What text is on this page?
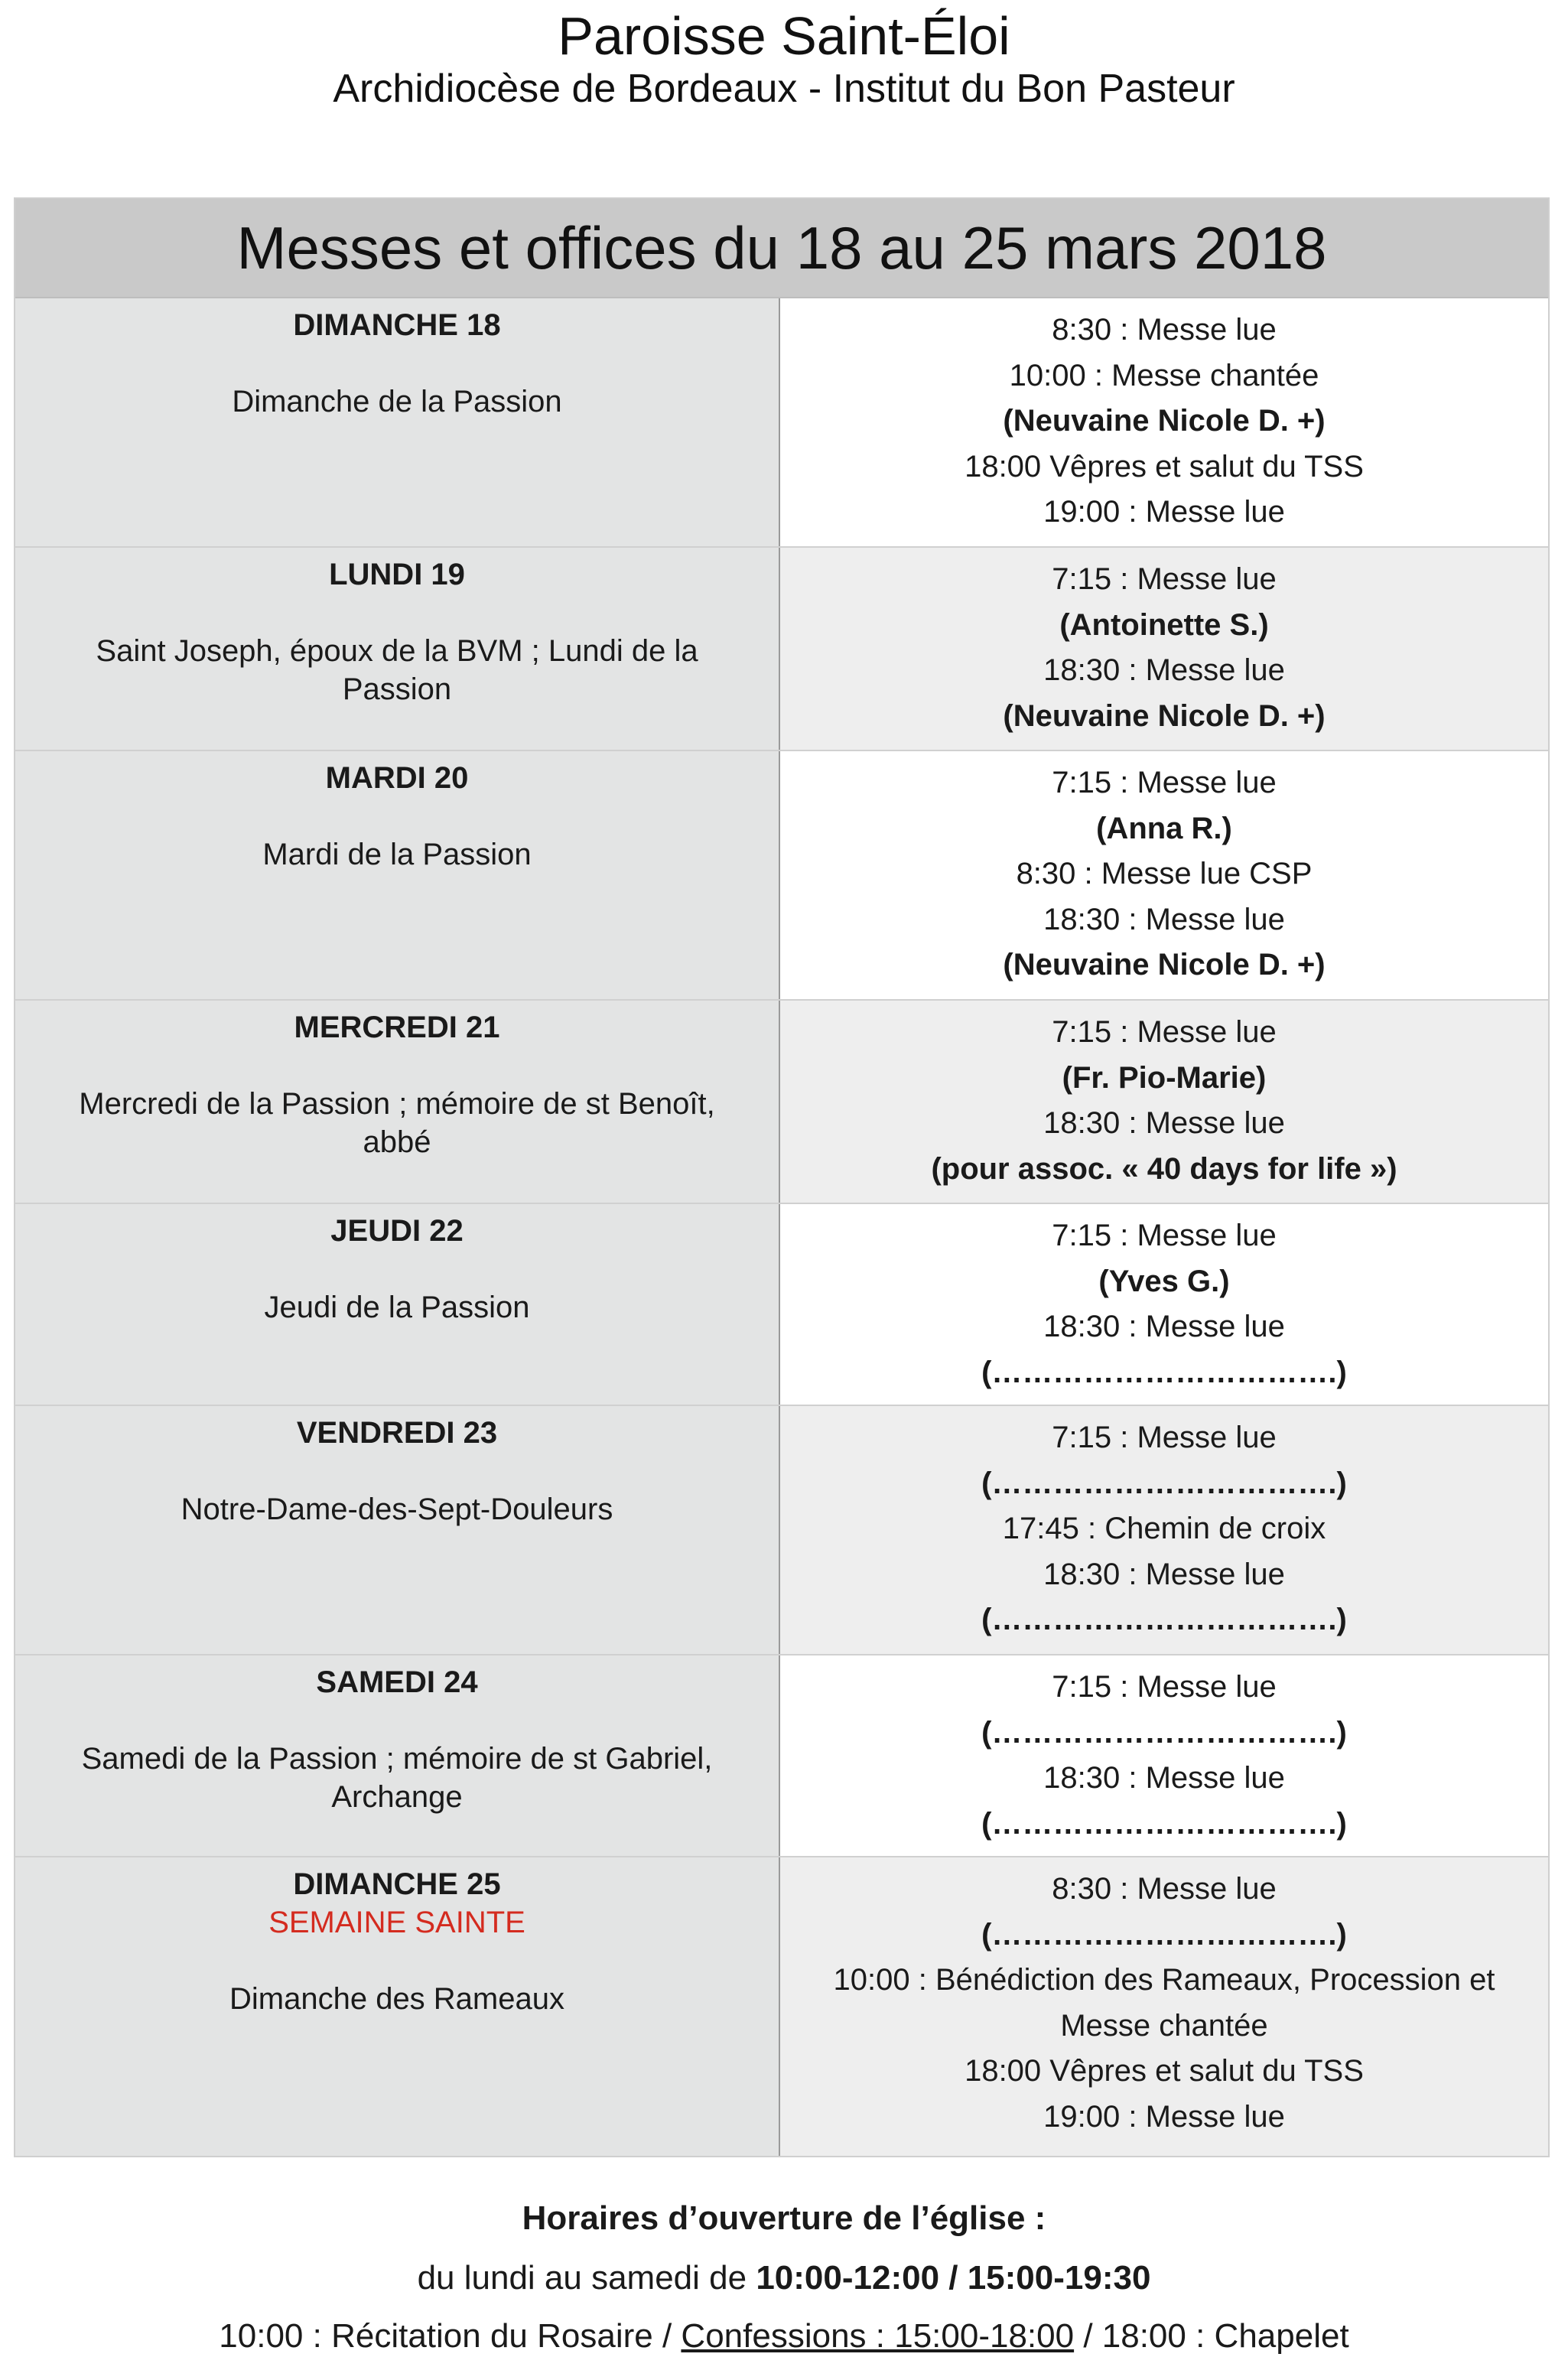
Paroisse Saint-Éloi
Archidiocèse de Bordeaux - Institut du Bon Pasteur
Messes et offices du 18 au 25 mars 2018
DIMANCHE 18
Dimanche de la Passion
8:30 : Messe lue
10:00 : Messe chantée
(Neuvaine Nicole D. +)
18:00 Vêpres et salut du TSS
19:00 : Messe lue
LUNDI 19
Saint Joseph, époux de la BVM ; Lundi de la Passion
7:15 : Messe lue
(Antoinette S.)
18:30 : Messe lue
(Neuvaine Nicole D. +)
MARDI 20
Mardi de la Passion
7:15 : Messe lue
(Anna R.)
8:30 : Messe lue CSP
18:30 : Messe lue
(Neuvaine Nicole D. +)
MERCREDI 21
Mercredi de la Passion ; mémoire de st Benoît, abbé
7:15 : Messe lue
(Fr. Pio-Marie)
18:30 : Messe lue
(pour assoc. « 40 days for life »)
JEUDI 22
Jeudi de la Passion
7:15 : Messe lue
(Yves G.)
18:30 : Messe lue
(…………………………….)
VENDREDI 23
Notre-Dame-des-Sept-Douleurs
7:15 : Messe lue
(…………………………….)
17:45 : Chemin de croix
18:30 : Messe lue
(…………………………….)
SAMEDI 24
Samedi de la Passion ; mémoire de st Gabriel, Archange
7:15 : Messe lue
(…………………………….)
18:30 : Messe lue
(…………………………….)
DIMANCHE 25
SEMAINE SAINTE
Dimanche des Rameaux
8:30 : Messe lue
(…………………………….)
10:00 : Bénédiction des Rameaux, Procession et Messe chantée
18:00 Vêpres et salut du TSS
19:00 : Messe lue
Horaires d’ouverture de l’église :
du lundi au samedi de 10:00-12:00 / 15:00-19:30
10:00 : Récitation du Rosaire / Confessions : 15:00-18:00 / 18:00 : Chapelet
